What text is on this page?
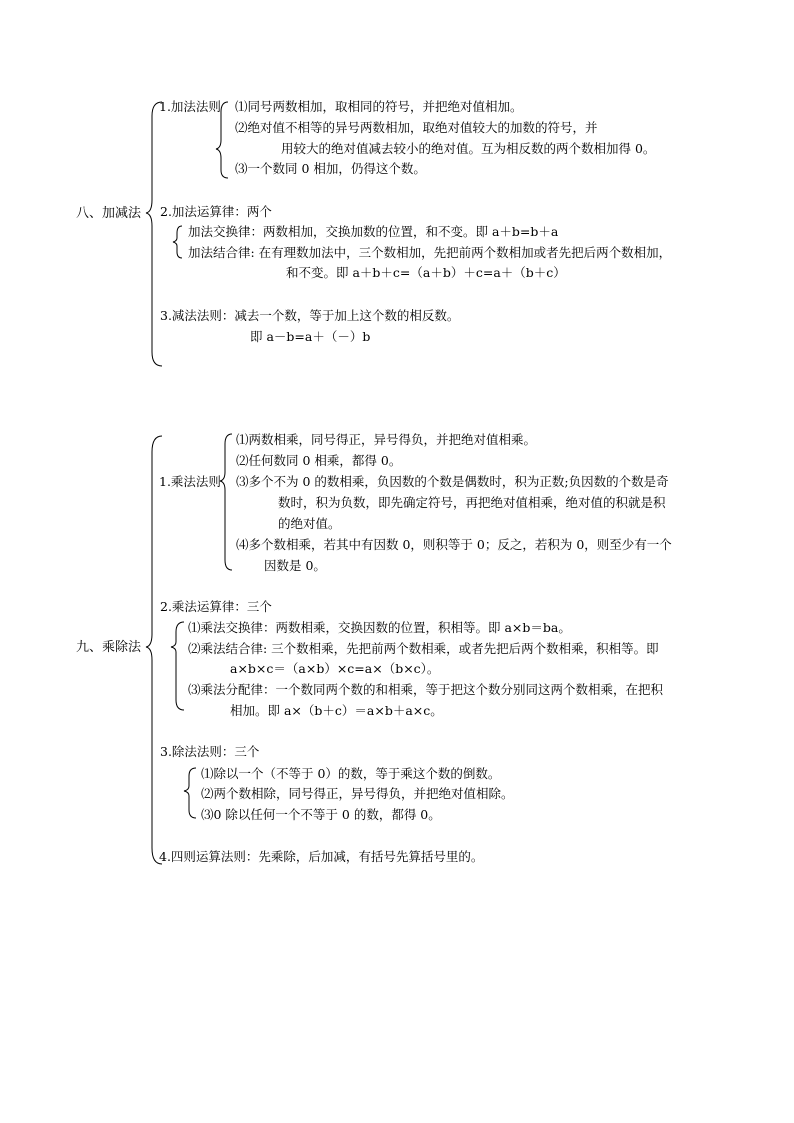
八、加减法
1.加法法则 ⑴同号两数相加，取相同的符号，并把绝对值相加。
⑵绝对值不相等的异号两数相加，取绝对值较大的加数的符号，并
用较大的绝对值减去较小的绝对值。互为相反数的两个数相加得 0。
⑶一个数同 0 相加，仍得这个数。
2.加法运算律：两个
加法交换律：两数相加，交换加数的位置，和不变。即 a＋b=b＋a
加法结合律: 在有理数加法中，三个数相加，先把前两个数相加或者先把后两个数相加，
和不变。即 a＋b＋c=（a＋b）＋c=a＋（b＋c）
3.减法法则：减去一个数，等于加上这个数的相反数。
即 a－b=a＋（－）b
九、乘除法
1.乘法法则
⑴两数相乘，同号得正，异号得负，并把绝对值相乘。
⑵任何数同 0 相乘，都得 0。
⑶多个不为 0 的数相乘，负因数的个数是偶数时，积为正数;负因数的个数是奇
数时，积为负数，即先确定符号，再把绝对值相乘，绝对值的积就是积
的绝对值。
⑷多个数相乘，若其中有因数 0，则积等于 0；反之，若积为 0，则至少有一个
因数是 0。
2.乘法运算律：三个
⑴乘法交换律：两数相乘，交换因数的位置，积相等。即 a×b＝ba。
⑵乘法结合律: 三个数相乘，先把前两个数相乘，或者先把后两个数相乘，积相等。即
a×b×c＝（a×b）×c=a×（b×c）。
⑶乘法分配律：一个数同两个数的和相乘，等于把这个数分别同这两个数相乘，在把积
相加。即 a×（b＋c）＝a×b＋a×c。
3.除法法则：三个
⑴除以一个（不等于 0）的数，等于乘这个数的倒数。
⑵两个数相除，同号得正，异号得负，并把绝对值相除。
⑶0 除以任何一个不等于 0 的数，都得 0。
4.四则运算法则：先乘除，后加减，有括号先算括号里的。
